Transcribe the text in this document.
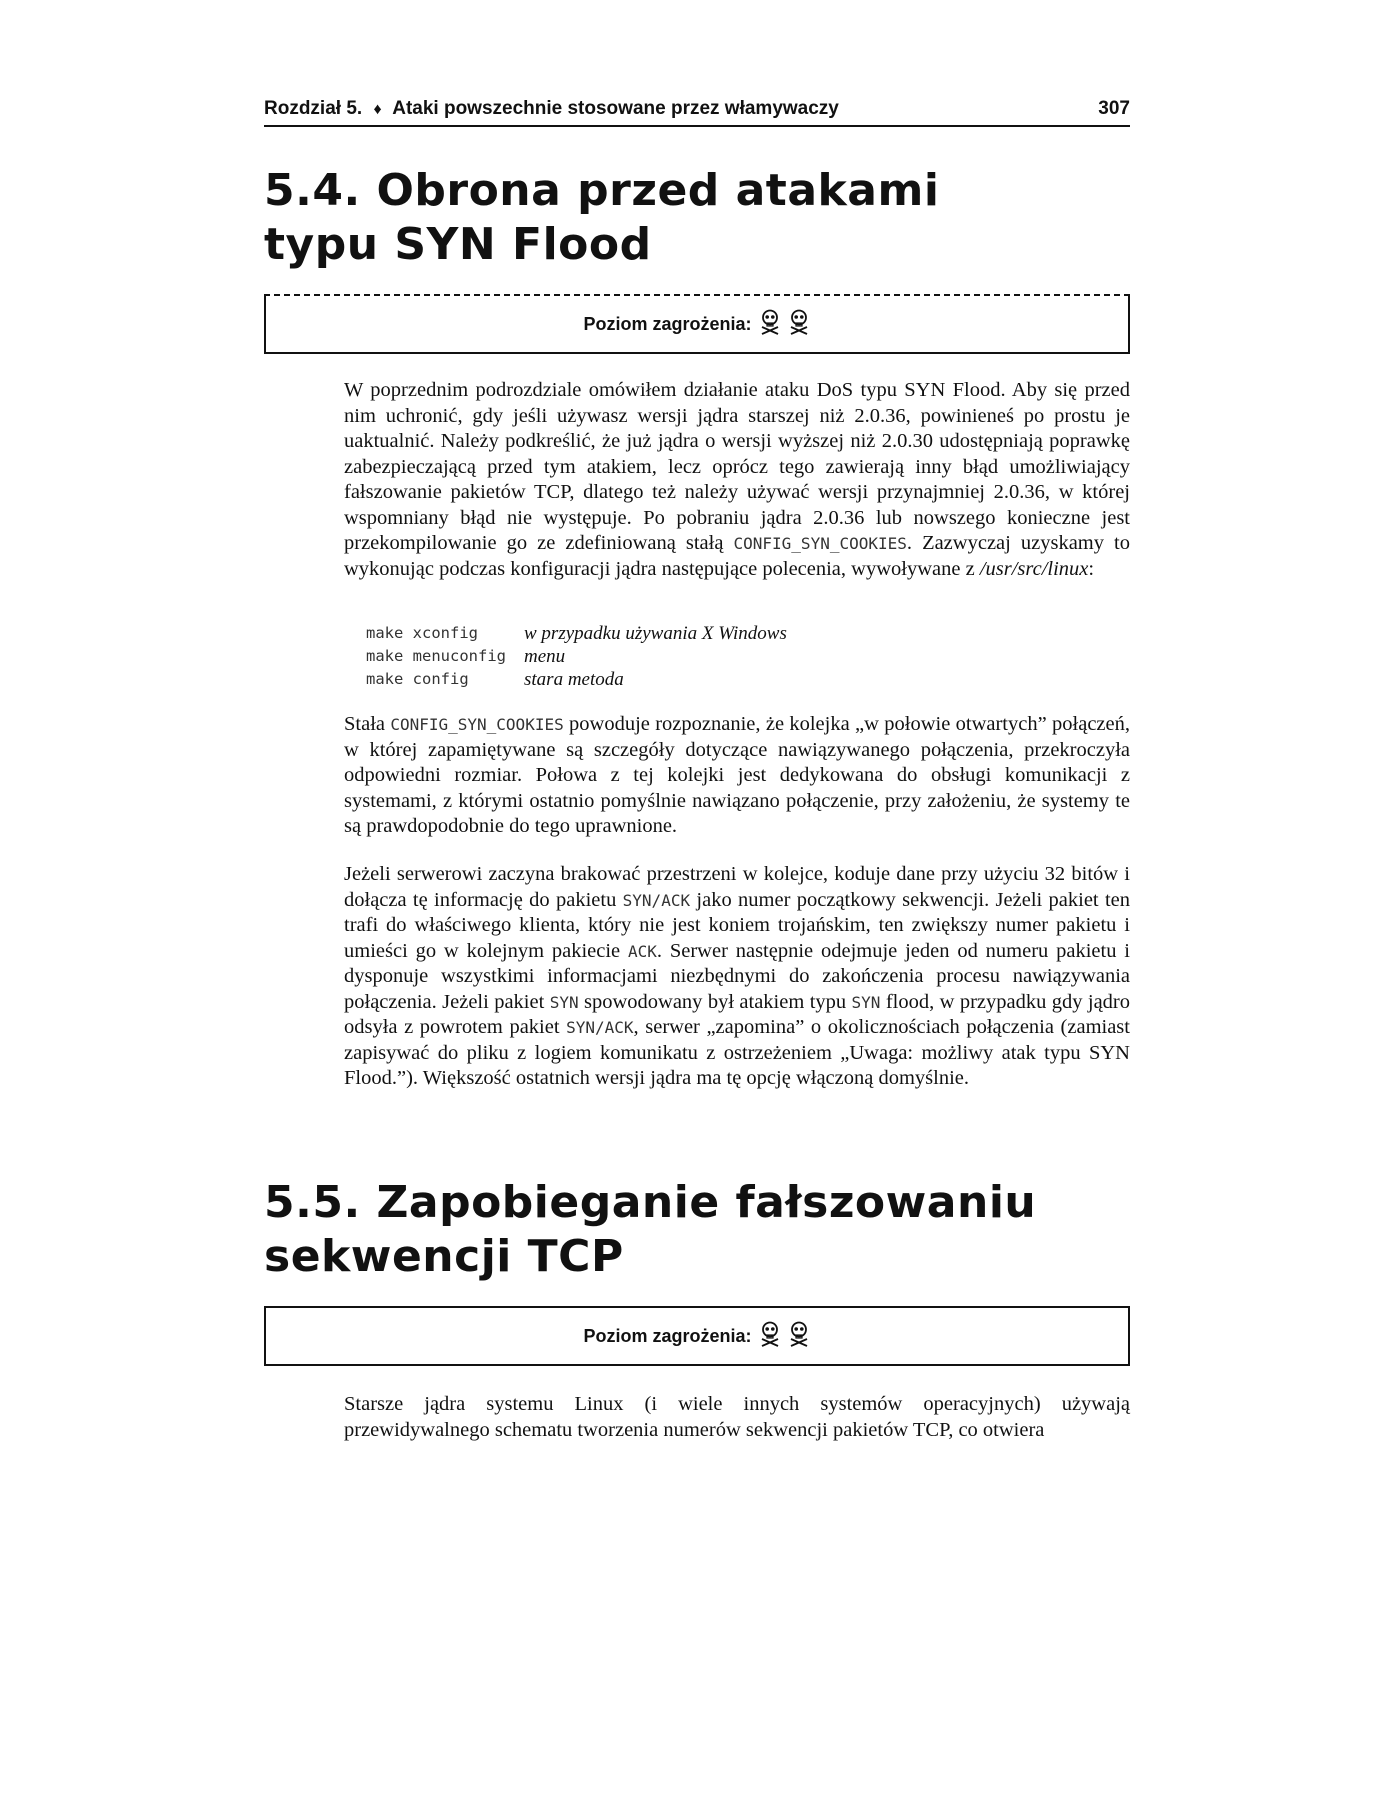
Rozdział 5. ♦ Ataki powszechnie stosowane przez włamywaczy	307
5.4. Obrona przed atakami
typu SYN Flood
Poziom zagrożenia:

W poprzednim podrozdziale omówiłem działanie ataku DoS typu SYN Flood. Aby się przed nim uchronić, gdy jeśli używasz wersji jądra starszej niż 2.0.36, powinieneś po prostu je uaktualnić. Należy podkreślić, że już jądra o wersji wyższej niż 2.0.30 udostępniają poprawkę zabezpieczającą przed tym atakiem, lecz oprócz tego zawierają inny błąd umożliwiający fałszowanie pakietów TCP, dlatego też należy używać wersji przynajmniej 2.0.36, w której wspomniany błąd nie występuje. Po pobraniu jądra 2.0.36 lub nowszego konieczne jest przekompilowanie go ze zdefiniowaną stałą CONFIG_SYN_COOKIES. Zazwyczaj uzyskamy to wykonując podczas konfiguracji jądra następujące polecenia, wywoływane z /usr/src/linux:

make xconfig	w przypadku używania X Windows
make menuconfig	menu
make config	stara metoda

Stała CONFIG_SYN_COOKIES powoduje rozpoznanie, że kolejka „w połowie otwartych” połączeń, w której zapamiętywane są szczegóły dotyczące nawiązywanego połączenia, przekroczyła odpowiedni rozmiar. Połowa z tej kolejki jest dedykowana do obsługi komunikacji z systemami, z którymi ostatnio pomyślnie nawiązano połączenie, przy założeniu, że systemy te są prawdopodobnie do tego uprawnione.

Jeżeli serwerowi zaczyna brakować przestrzeni w kolejce, koduje dane przy użyciu 32 bitów i dołącza tę informację do pakietu SYN/ACK jako numer początkowy sekwencji. Jeżeli pakiet ten trafi do właściwego klienta, który nie jest koniem trojańskim, ten zwiększy numer pakietu i umieści go w kolejnym pakiecie ACK. Serwer następnie odejmuje jeden od numeru pakietu i dysponuje wszystkimi informacjami niezbędnymi do zakończenia procesu nawiązywania połączenia. Jeżeli pakiet SYN spowodowany był atakiem typu SYN flood, w przypadku gdy jądro odsyła z powrotem pakiet SYN/ACK, serwer „zapomina” o okolicznościach połączenia (zamiast zapisywać do pliku z logiem komunikatu z ostrzeżeniem „Uwaga: możliwy atak typu SYN Flood.”). Większość ostatnich wersji jądra ma tę opcję włączoną domyślnie.

5.5. Zapobieganie fałszowaniu
sekwencji TCP
Poziom zagrożenia:

Starsze jądra systemu Linux (i wiele innych systemów operacyjnych) używają przewidywalnego schematu tworzenia numerów sekwencji pakietów TCP, co otwiera
